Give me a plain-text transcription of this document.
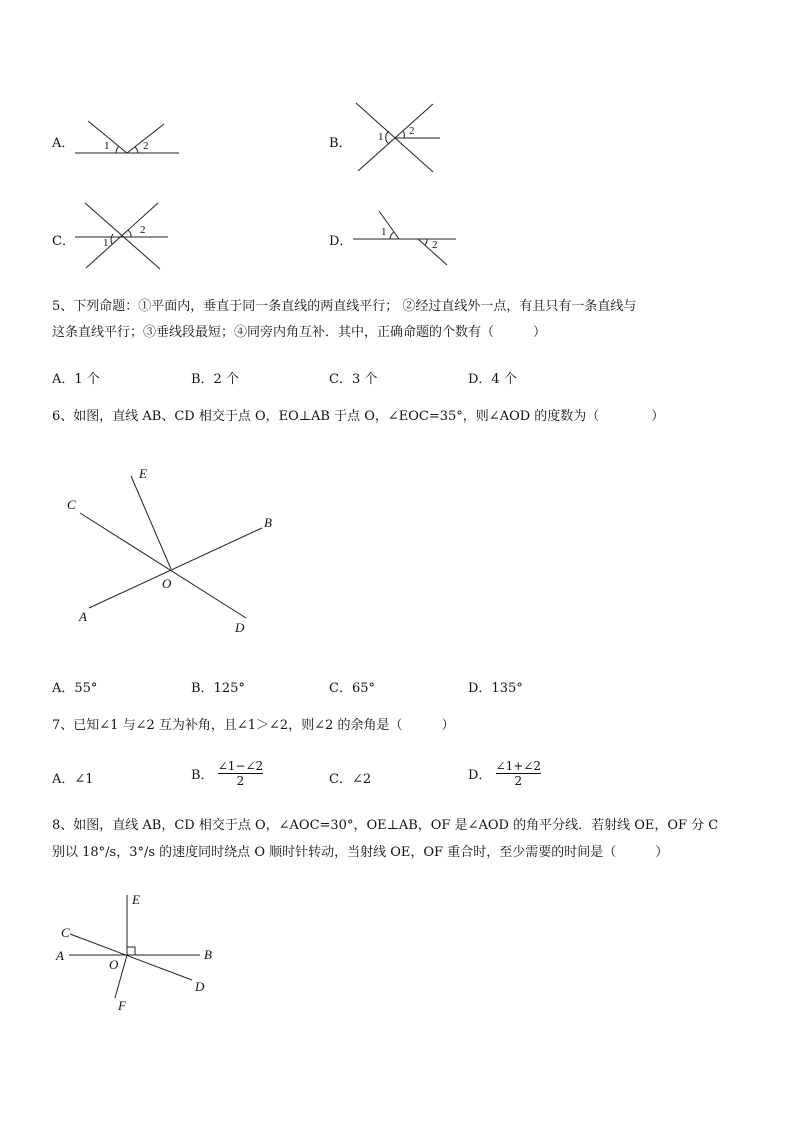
A．	1	2	B． 1 2
C．	1
2
D．
1
2
5、下列命题：①平面内，垂直于同一条直线的两直线平行； ②经过直线外一点，有且只有一条直线与
这条直线平行；③垂线段最短；④同旁内角互补．其中，正确命题的个数有（　　　）
A．1 个	B．2 个	C．3 个	D．4 个
6、如图，直线 AB、CD 相交于点 O，EO⊥AB 于点 O，∠EOC=35°，则∠AOD 的度数为（　　　　）
E
C
B
O
A
D
A．55°	B．125°	C．65°	D．135°
7、已知∠1 与∠2 互为补角，且∠1＞∠2，则∠2 的余角是（　　　）
A．∠1	B． $\frac{\angle 1-\angle 2}{2}$	C．∠2	D． $\frac{\angle 1+\angle 2}{2}$
8、如图，直线 AB，CD 相交于点 O，∠AOC=30°，OE⊥AB，OF 是∠AOD 的角平分线．若射线 OE，OF 分 C
别以 18°/s，3°/s 的速度同时绕点 O 顺时针转动，当射线 OE，OF 重合时，至少需要的时间是（　　　）
E
C
A
O
B
D
F
